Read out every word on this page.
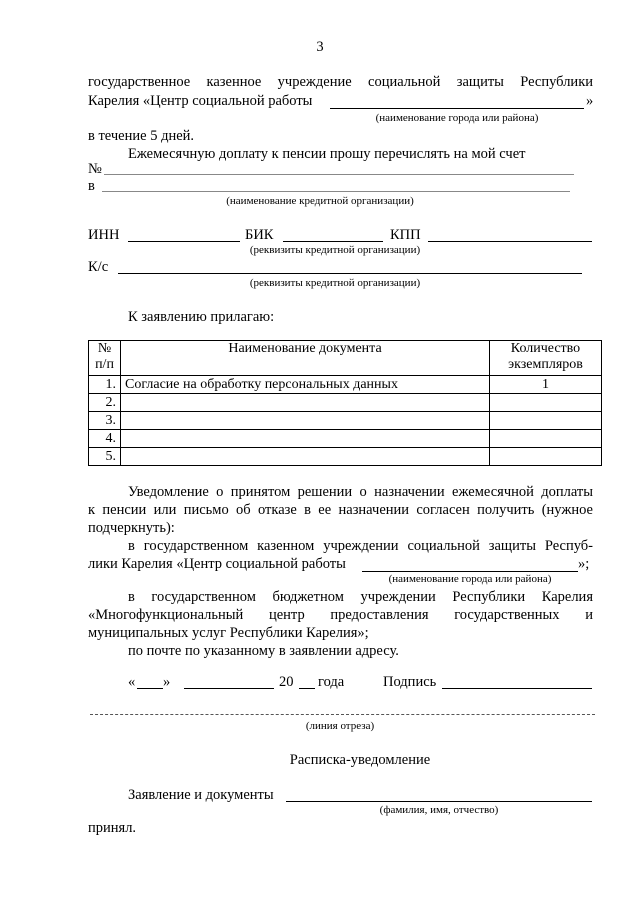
3
государственное казенное учреждение социальной защиты Республики
Карелия «Центр социальной работы	»
(наименование города или района)
в течение 5 дней.
Ежемесячную доплату к пенсии прошу перечислять на мой счет
№
в
(наименование кредитной организации)
ИНН	БИК	КПП
(реквизиты кредитной организации)
К/с
(реквизиты кредитной организации)
К заявлению прилагаю:
№ п/п	Наименование документа	Количество экземпляров
1.	Согласие на обработку персональных данных	1
2.		
3.		
4.		
5.		
Уведомление о принятом решении о назначении ежемесячной доплаты
к пенсии или письмо об отказе в ее назначении согласен получить (нужное
подчеркнуть):
в государственном казенном учреждении социальной защиты Респуб-
лики Карелия «Центр социальной работы	»;
(наименование города или района)
в государственном бюджетном учреждении Республики Карелия
«Многофункциональный центр предоставления государственных и
муниципальных услуг Республики Карелия»;
по почте по указанному в заявлении адресу.
« »	20 года	Подпись
(линия отреза)
Расписка-уведомление
Заявление и документы
(фамилия, имя, отчество)
принял.
